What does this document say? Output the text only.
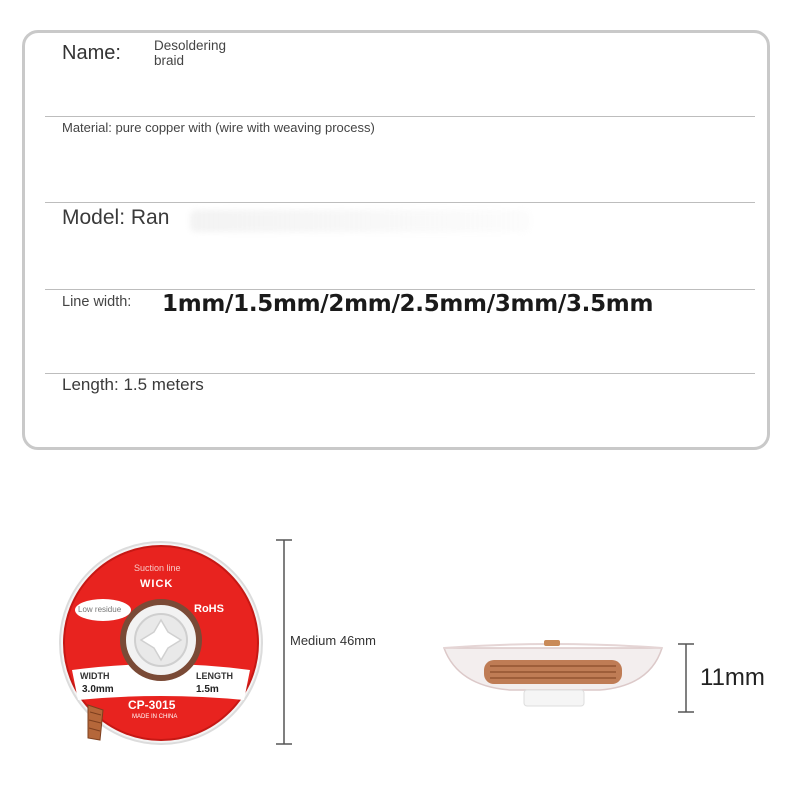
Name: Desoldering braid
Material: pure copper with (wire with weaving process)
Model: Ran
Line width: 1mm/1.5mm/2mm/2.5mm/3mm/3.5mm
Length: 1.5 meters
Suction line
WICK
Low residue	RoHS
WIDTH
3.0mm
LENGTH
1.5m
CP-3015
MADE IN CHINA
Medium 46mm
11mm
